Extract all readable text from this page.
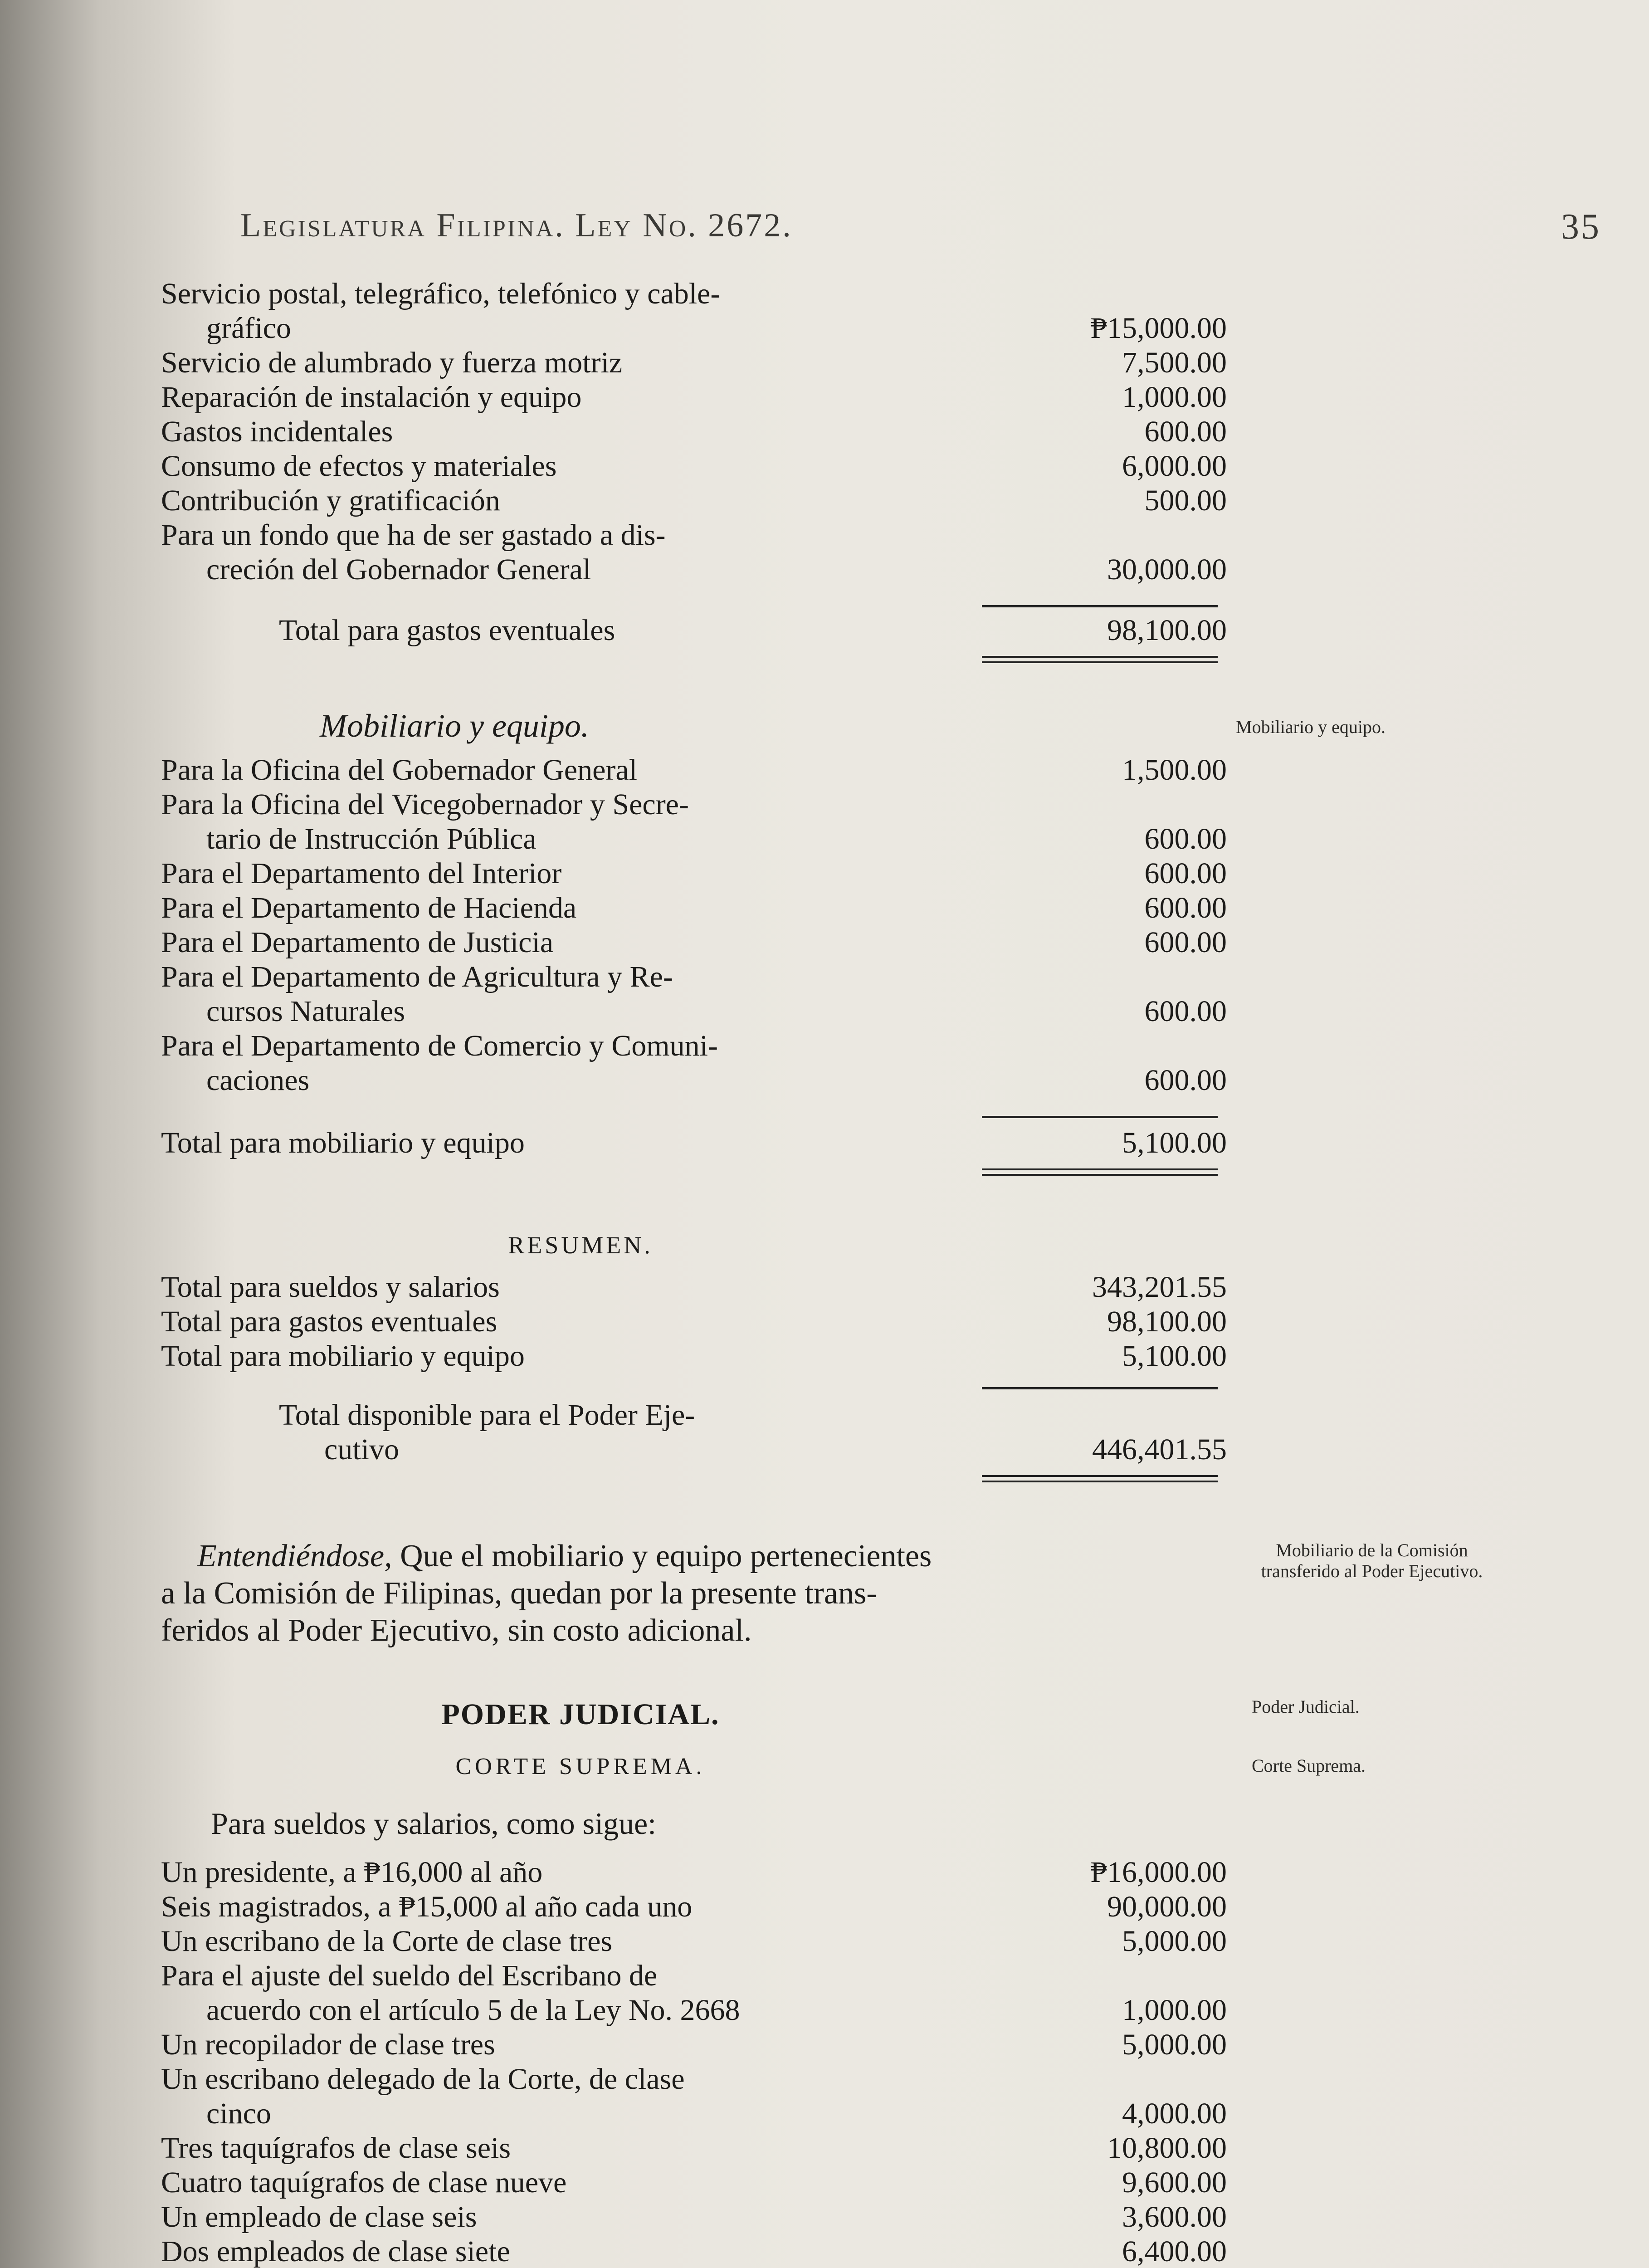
Legislatura Filipina. Ley No. 2672.	35
Servicio postal, telegráfico, telefónico y cable-
gráfico	₱15,000.00
Servicio de alumbrado y fuerza motriz	7,500.00
Reparación de instalación y equipo	1,000.00
Gastos incidentales	600.00
Consumo de efectos y materiales	6,000.00
Contribución y gratificación	500.00
Para un fondo que ha de ser gastado a dis-
creción del Gobernador General	30,000.00
Total para gastos eventuales	98,100.00
Mobiliario y equipo.
Para la Oficina del Gobernador General	1,500.00
Para la Oficina del Vicegobernador y Secre-
tario de Instrucción Pública	600.00
Para el Departamento del Interior	600.00
Para el Departamento de Hacienda	600.00
Para el Departamento de Justicia	600.00
Para el Departamento de Agricultura y Re-
cursos Naturales	600.00
Para el Departamento de Comercio y Comuni-
caciones	600.00
Total para mobiliario y equipo	5,100.00
Mobiliario y equipo.
RESUMEN.
Total para sueldos y salarios	343,201.55
Total para gastos eventuales	98,100.00
Total para mobiliario y equipo	5,100.00
Total disponible para el Poder Eje-
cutivo	446,401.55
Entendiéndose, Que el mobiliario y equipo pertenecientes
a la Comisión de Filipinas, quedan por la presente trans-
feridos al Poder Ejecutivo, sin costo adicional.
Mobiliario de la Comisión transferido al Poder Ejecutivo.
PODER JUDICIAL.
CORTE SUPREMA.
Para sueldos y salarios, como sigue:
Un presidente, a ₱16,000 al año	₱16,000.00
Seis magistrados, a ₱15,000 al año cada uno	90,000.00
Un escribano de la Corte de clase tres	5,000.00
Para el ajuste del sueldo del Escribano de
acuerdo con el artículo 5 de la Ley No. 2668	1,000.00
Un recopilador de clase tres	5,000.00
Un escribano delegado de la Corte, de clase
cinco	4,000.00
Tres taquígrafos de clase seis	10,800.00
Cuatro taquígrafos de clase nueve	9,600.00
Un empleado de clase seis	3,600.00
Dos empleados de clase siete	6,400.00
Poder Judicial.
Corte Suprema.
